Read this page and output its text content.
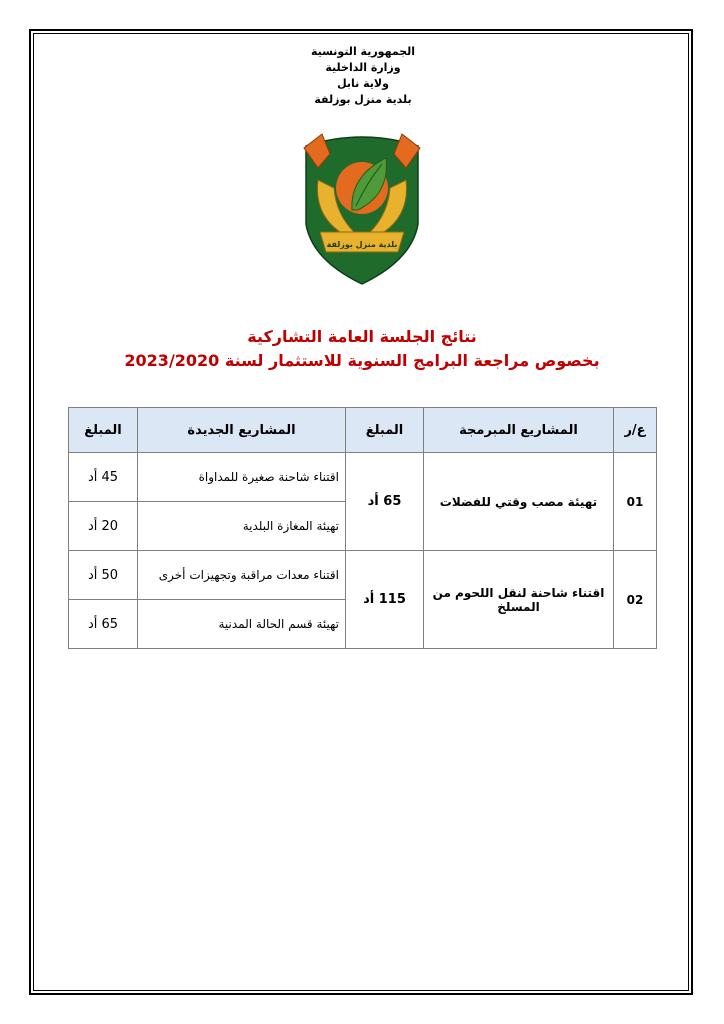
الجمهورية التونسية
وزارة الداخلية
ولاية نابل
بلدية منزل بوزلفة
بلدية منزل بوزلفة
نتائج الجلسة العامة التشاركية
بخصوص مراجعة البرامج السنوية للاستثمار لسنة 2023/2020
ع/ر	المشاريع المبرمجة	المبلغ	المشاريع الجديدة	المبلغ
01	تهيئة مصب وقتي للفضلات	65 أد	اقتناء شاحنة صغيرة للمداواة	45 أد
			تهيئة المغازة البلدية	20 أد
02	اقتناء شاحنة لنقل اللحوم من المسلخ	115 أد	اقتناء معدات مراقبة وتجهيزات أخرى	50 أد
			تهيئة قسم الحالة المدنية	65 أد
